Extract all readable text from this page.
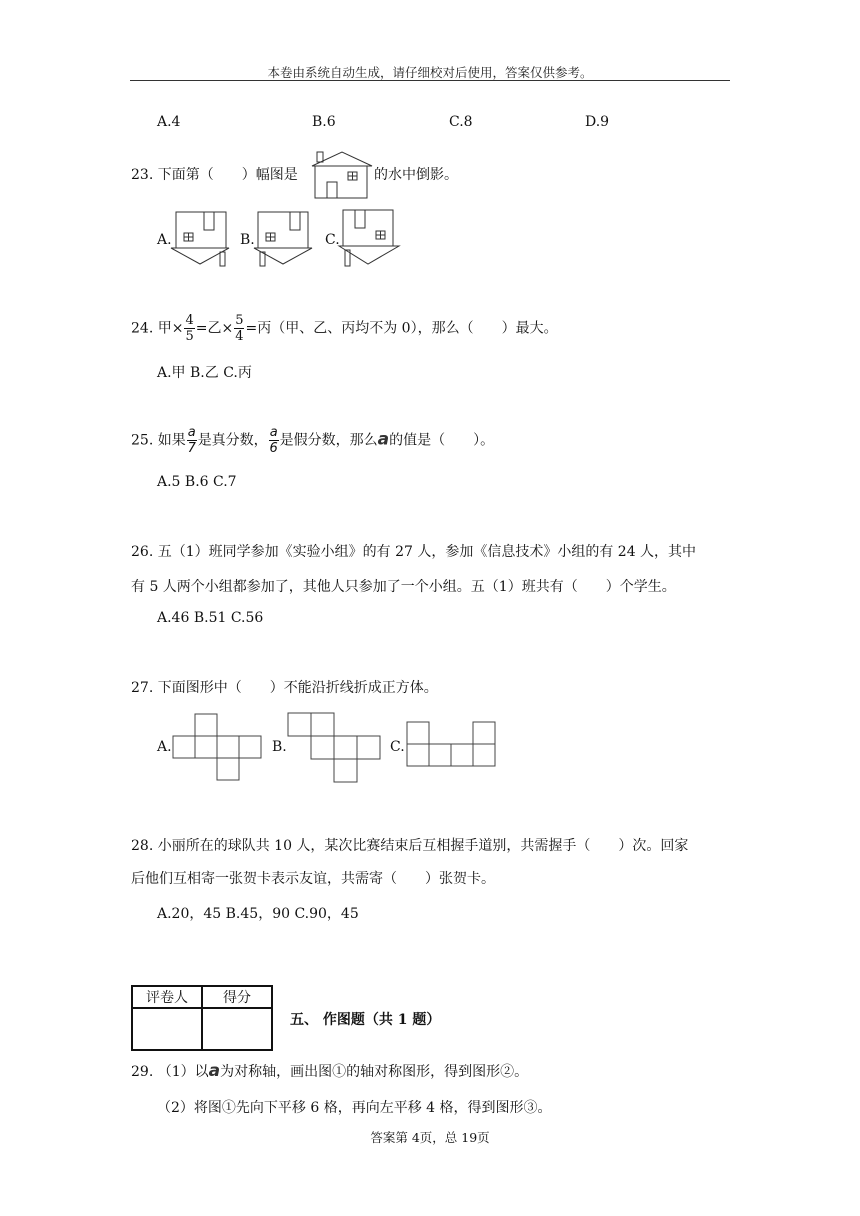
本卷由系统自动生成，请仔细校对后使用，答案仅供参考。
A.4	B.6	C.8	D.9
23. 下面第（　　）幅图是	的水中倒影。
A.	B.	C.
24. 甲× $\frac{4}{5}$ =乙× $\frac{5}{4}$ =丙（甲、乙、丙均不为 0），那么（　　）最大。
A.甲 B.乙 C.丙
25. 如果 $\frac{a}{7}$ 是真分数， $\frac{a}{6}$ 是假分数，那么a的值是（　　）。
A.5 B.6 C.7
26. 五（1）班同学参加《实验小组》的有 27 人，参加《信息技术》小组的有 24 人，其中
有 5 人两个小组都参加了，其他人只参加了一个小组。五（1）班共有（　　）个学生。
A.46 B.51 C.56
27. 下面图形中（　　）不能沿折线折成正方体。
A.	B.	C.
28. 小丽所在的球队共 10 人，某次比赛结束后互相握手道别，共需握手（　　）次。回家
后他们互相寄一张贺卡表示友谊，共需寄（　　）张贺卡。
A.20，45 B.45，90 C.90，45
评卷人	得分

五、 作图题（共 1 题）
29. （1）以a为对称轴，画出图①的轴对称图形，得到图形②。
（2）将图①先向下平移 6 格，再向左平移 4 格，得到图形③。
答案第 4页，总 19页
